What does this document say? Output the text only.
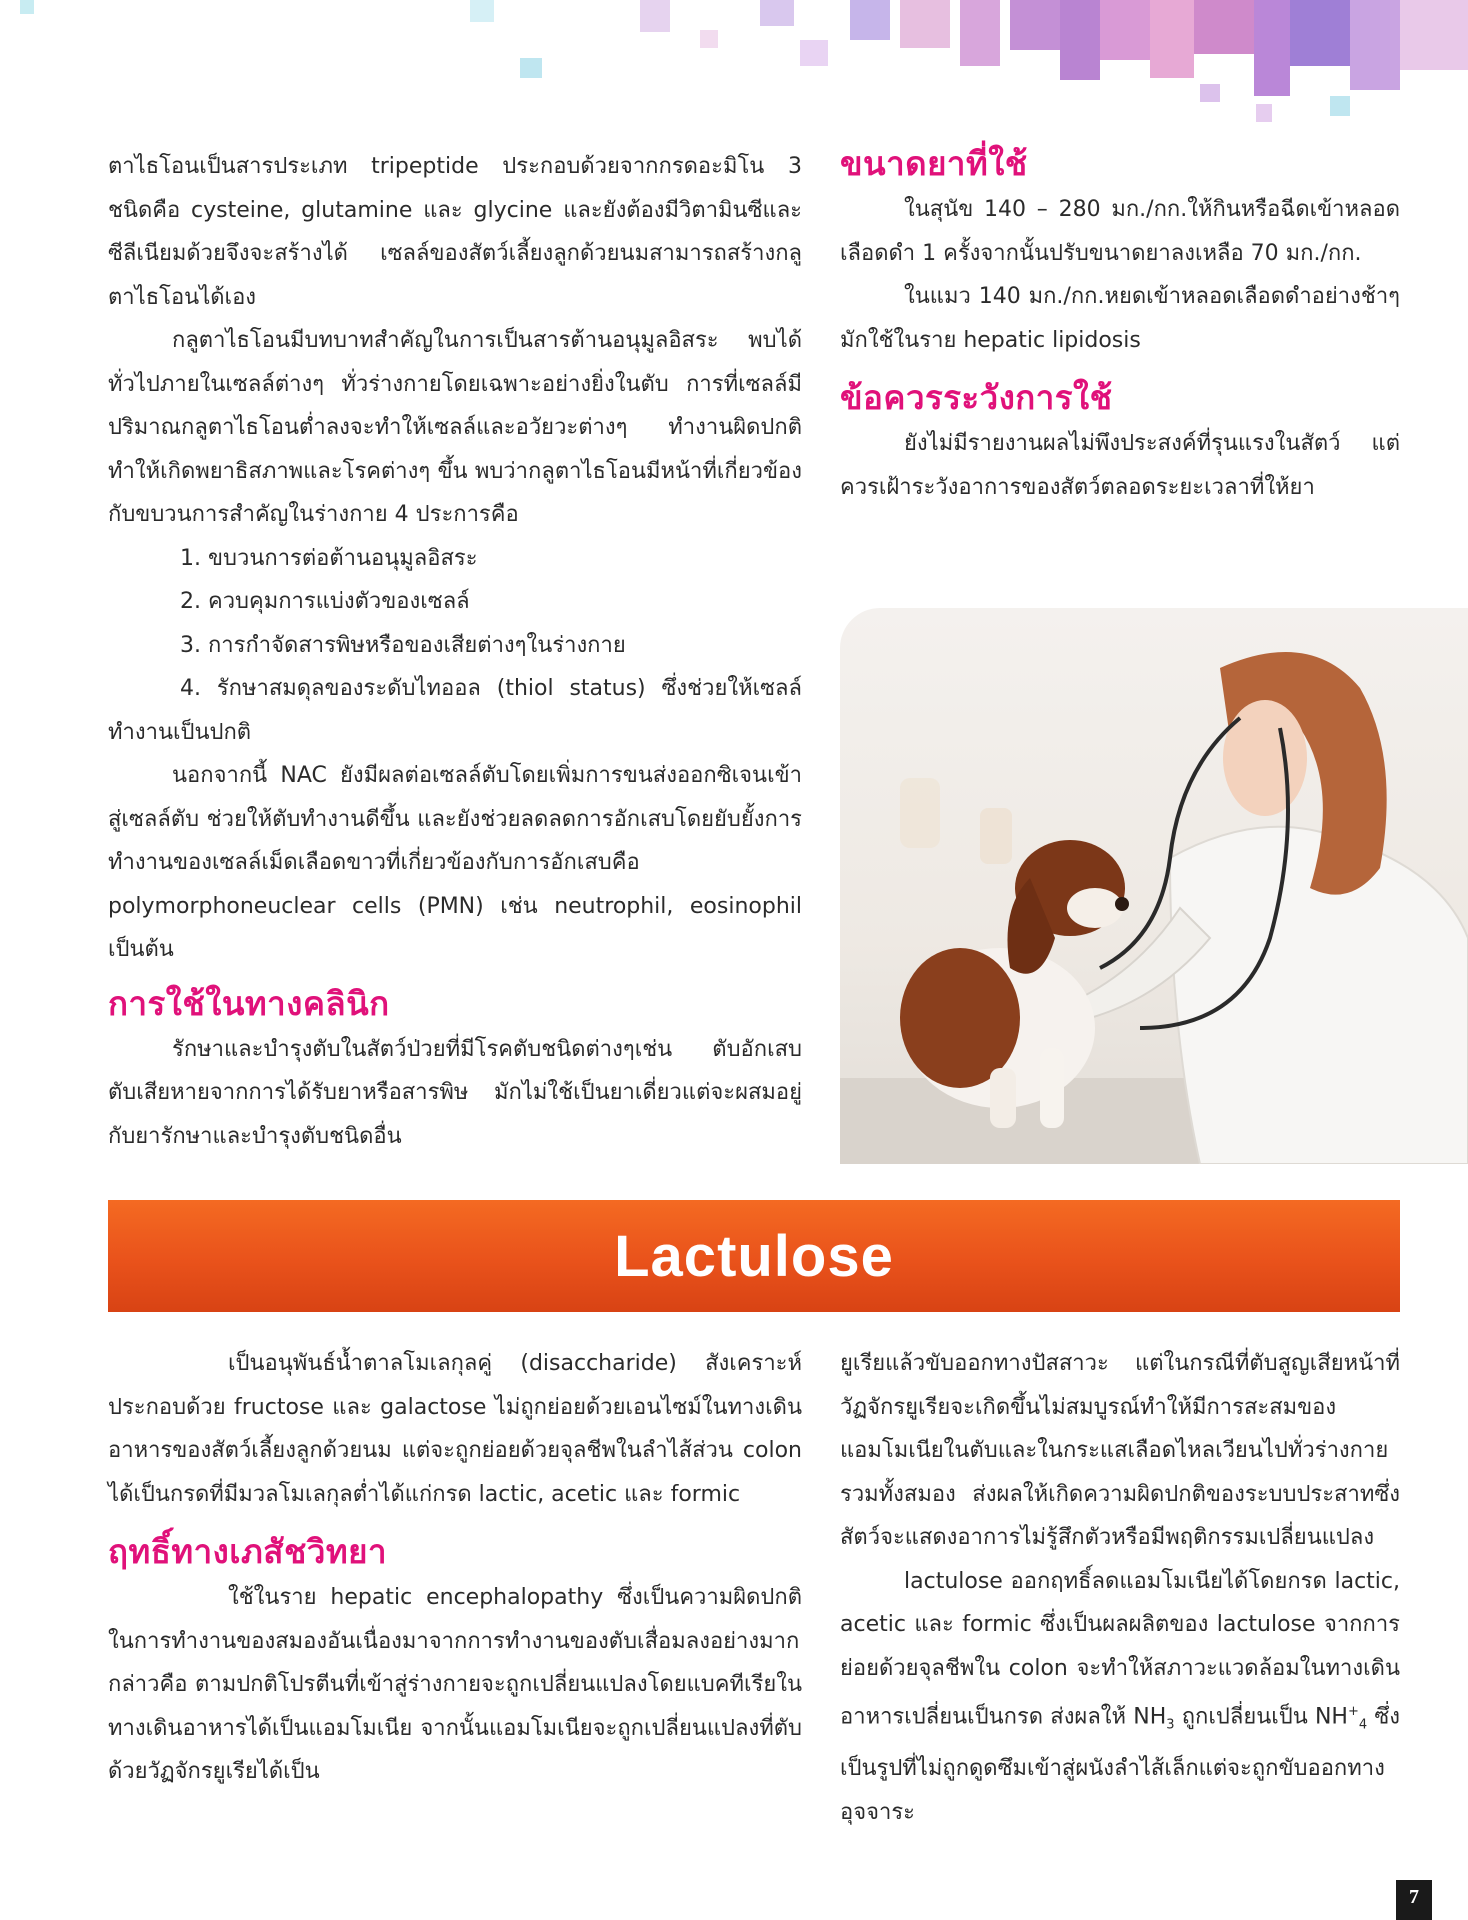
ตาไธโอนเป็นสารประเภท tripeptide ประกอบด้วยจากกรดอะมิโน 3 ชนิดคือ cysteine, glutamine และ glycine และยังต้องมีวิตามินซีและซีลีเนียมด้วยจึงจะสร้างได้ เซลล์ของสัตว์เลี้ยงลูกด้วยนมสามารถสร้างกลูตาไธโอนได้เอง

กลูตาไธโอนมีบทบาทสำคัญในการเป็นสารต้านอนุมูลอิสระ พบได้ทั่วไปภายในเซลล์ต่างๆ ทั่วร่างกายโดยเฉพาะอย่างยิ่งในตับ การที่เซลล์มีปริมาณกลูตาไธโอนต่ำลงจะทำให้เซลล์และอวัยวะต่างๆ ทำงานผิดปกติทำให้เกิดพยาธิสภาพและโรคต่างๆ ขึ้น พบว่ากลูตาไธโอนมีหน้าที่เกี่ยวข้องกับขบวนการสำคัญในร่างกาย 4 ประการคือ

1. ขบวนการต่อต้านอนุมูลอิสระ

2. ควบคุมการแบ่งตัวของเซลล์

3. การกำจัดสารพิษหรือของเสียต่างๆในร่างกาย

4. รักษาสมดุลของระดับไทออล (thiol status) ซึ่งช่วยให้เซลล์ทำงานเป็นปกติ

นอกจากนี้ NAC ยังมีผลต่อเซลล์ตับโดยเพิ่มการขนส่งออกซิเจนเข้าสู่เซลล์ตับ ช่วยให้ตับทำงานดีขึ้น และยังช่วยลดลดการอักเสบโดยยับยั้งการทำงานของเซลล์เม็ดเลือดขาวที่เกี่ยวข้องกับการอักเสบคือ polymorphoneuclear cells (PMN) เช่น neutrophil, eosinophil เป็นต้น

การใช้ในทางคลินิก

รักษาและบำรุงตับในสัตว์ป่วยที่มีโรคตับชนิดต่างๆเช่น ตับอักเสบ ตับเสียหายจากการได้รับยาหรือสารพิษ มักไม่ใช้เป็นยาเดี่ยวแต่จะผสมอยู่กับยารักษาและบำรุงตับชนิดอื่น

ขนาดยาที่ใช้

ในสุนัข 140 – 280 มก./กก.ให้กินหรือฉีดเข้าหลอดเลือดดำ 1 ครั้งจากนั้นปรับขนาดยาลงเหลือ 70 มก./กก.

ในแมว 140 มก./กก.หยดเข้าหลอดเลือดดำอย่างช้าๆ มักใช้ในราย hepatic lipidosis

ข้อควรระวังการใช้

ยังไม่มีรายงานผลไม่พึงประสงค์ที่รุนแรงในสัตว์ แต่ควรเฝ้าระวังอาการของสัตว์ตลอดระยะเวลาที่ให้ยา

Lactulose

เป็นอนุพันธ์น้ำตาลโมเลกุลคู่ (disaccharide) สังเคราะห์ประกอบด้วย fructose และ galactose ไม่ถูกย่อยด้วยเอนไซม์ในทางเดินอาหารของสัตว์เลี้ยงลูกด้วยนม แต่จะถูกย่อยด้วยจุลชีพในลำไส้ส่วน colon ได้เป็นกรดที่มีมวลโมเลกุลต่ำได้แก่กรด lactic, acetic และ formic

ฤทธิ์ทางเภสัชวิทยา

ใช้ในราย hepatic encephalopathy ซึ่งเป็นความผิดปกติในการทำงานของสมองอันเนื่องมาจากการทำงานของตับเสื่อมลงอย่างมากกล่าวคือ ตามปกติโปรตีนที่เข้าสู่ร่างกายจะถูกเปลี่ยนแปลงโดยแบคทีเรียในทางเดินอาหารได้เป็นแอมโมเนีย จากนั้นแอมโมเนียจะถูกเปลี่ยนแปลงที่ตับด้วยวัฏจักรยูเรียได้เป็น

ยูเรียแล้วขับออกทางปัสสาวะ แต่ในกรณีที่ตับสูญเสียหน้าที่วัฏจักรยูเรียจะเกิดขึ้นไม่สมบูรณ์ทำให้มีการสะสมของแอมโมเนียในตับและในกระแสเลือดไหลเวียนไปทั่วร่างกายรวมทั้งสมอง ส่งผลให้เกิดความผิดปกติของระบบประสาทซึ่งสัตว์จะแสดงอาการไม่รู้สึกตัวหรือมีพฤติกรรมเปลี่ยนแปลง

lactulose ออกฤทธิ์ลดแอมโมเนียได้โดยกรด lactic, acetic และ formic ซึ่งเป็นผลผลิตของ lactulose จากการย่อยด้วยจุลชีพใน colon จะทำให้สภาวะแวดล้อมในทางเดินอาหารเปลี่ยนเป็นกรด ส่งผลให้ $NH_3$ ถูกเปลี่ยนเป็น $NH^+_4$ ซึ่งเป็นรูปที่ไม่ถูกดูดซึมเข้าสู่ผนังลำไส้เล็กแต่จะถูกขับออกทางอุจจาระ

7
